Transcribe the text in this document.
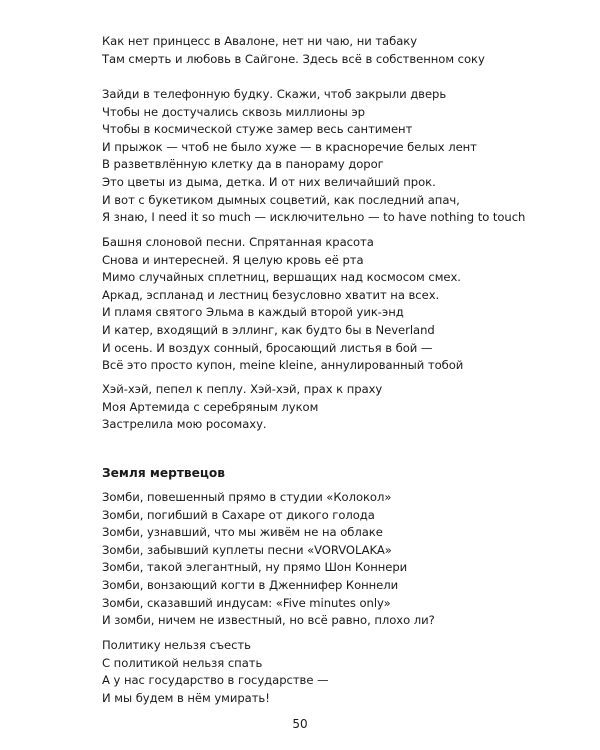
Как нет принцесс в Авалоне, нет ни чаю, ни табаку
Там смерть и любовь в Сайгоне. Здесь всё в собственном соку
Зайди в телефонную будку. Скажи, чтоб закрыли дверь
Чтобы не достучались сквозь миллионы эр
Чтобы в космической стуже замер весь сантимент
И прыжок — чтоб не было хуже — в красноречие белых лент
В разветвлённую клетку да в панораму дорог
Это цветы из дыма, детка. И от них величайший прок.
И вот с букетиком дымных соцветий, как последний апач,
Я знаю, I need it so much — исключительно — to have nothing to touch
Башня слоновой песни. Спрятанная красота
Снова и интересней. Я целую кровь её рта
Мимо случайных сплетниц, вершащих над космосом смех.
Аркад, эспланад и лестниц безусловно хватит на всех.
И пламя святого Эльма в каждый второй уик-энд
И катер, входящий в эллинг, как будто бы в Neverland
И осень. И воздух сонный, бросающий листья в бой —
Всё это просто купон, meine kleine, аннулированный тобой
Хэй-хэй, пепел к пеплу. Хэй-хэй, прах к праху
Моя Артемида с серебряным луком
Застрелила мою росомаху.
Земля мертвецов
Зомби, повешенный прямо в студии «Колокол»
Зомби, погибший в Сахаре от дикого голода
Зомби, узнавший, что мы живём не на облаке
Зомби, забывший куплеты песни «VORVOLAKA»
Зомби, такой элегантный, ну прямо Шон Коннери
Зомби, вонзающий когти в Дженнифер Коннели
Зомби, сказавший индусам: «Five minutes only»
И зомби, ничем не известный, но всё равно, плохо ли?
Политику нельзя съесть
С политикой нельзя спать
А у нас государство в государстве —
И мы будем в нём умирать!
50
